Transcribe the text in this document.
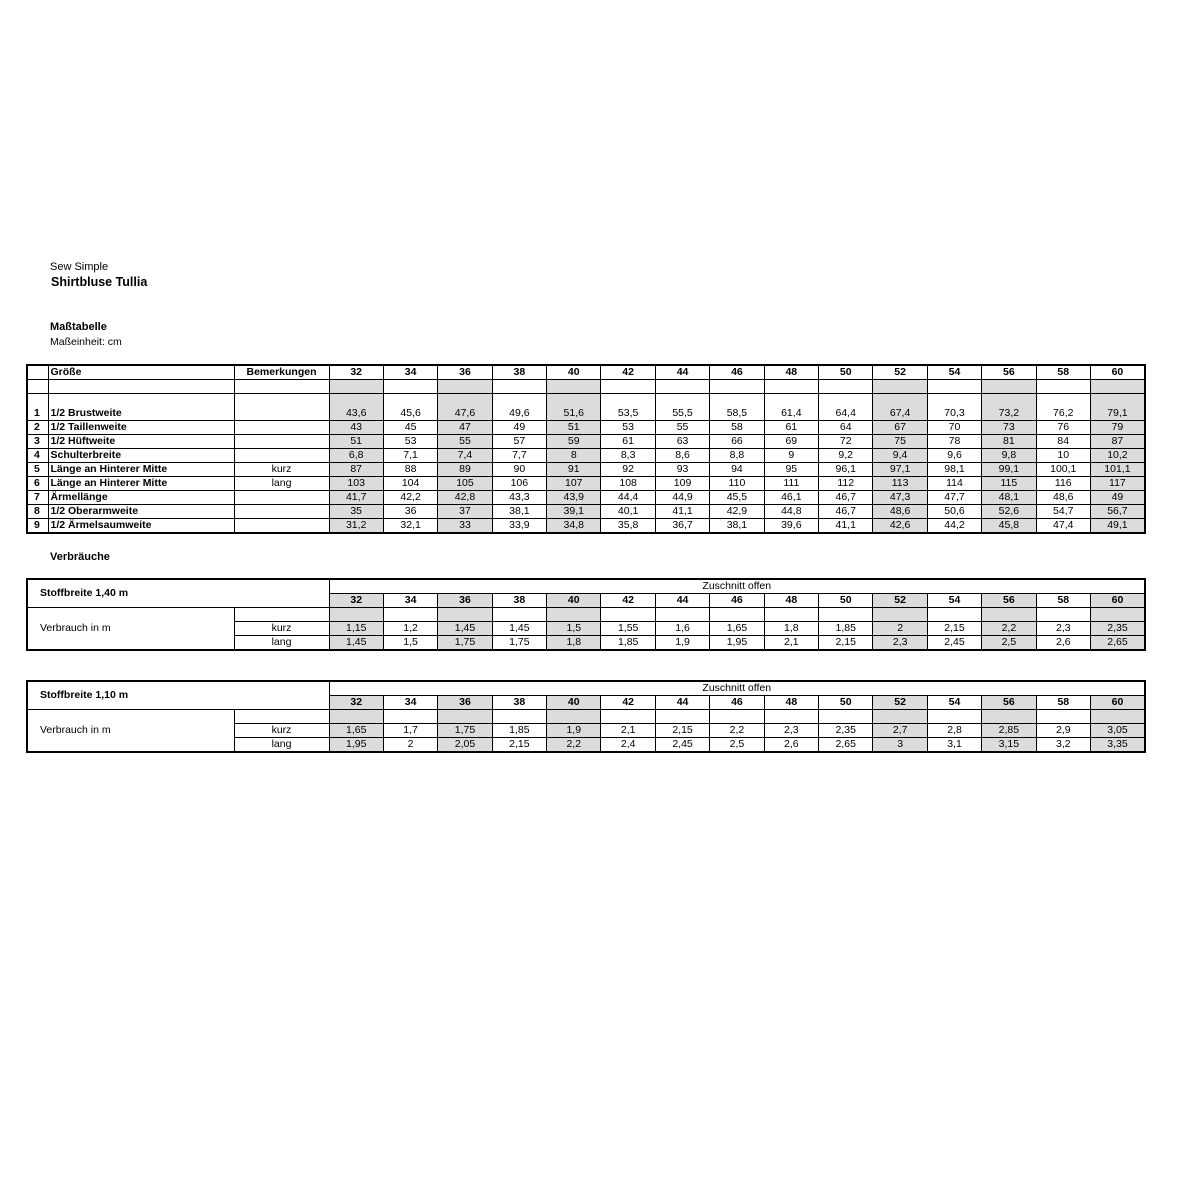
Sew Simple
Shirtbluse Tullia
Maßtabelle
Maßeinheit: cm
Verbräuche
	Größe	Bemerkungen	32	34	36	38	40	42	44	46	48	50	52	54	56	58	60

1	1/2 Brustweite		43,6	45,6	47,6	49,6	51,6	53,5	55,5	58,5	61,4	64,4	67,4	70,3	73,2	76,2	79,1
2	1/2 Taillenweite		43	45	47	49	51	53	55	58	61	64	67	70	73	76	79
3	1/2 Hüftweite		51	53	55	57	59	61	63	66	69	72	75	78	81	84	87
4	Schulterbreite		6,8	7,1	7,4	7,7	8	8,3	8,6	8,8	9	9,2	9,4	9,6	9,8	10	10,2
5	Länge an Hinterer Mitte	kurz	87	88	89	90	91	92	93	94	95	96,1	97,1	98,1	99,1	100,1	101,1
6	Länge an Hinterer Mitte	lang	103	104	105	106	107	108	109	110	111	112	113	114	115	116	117
7	Ärmellänge		41,7	42,2	42,8	43,3	43,9	44,4	44,9	45,5	46,1	46,7	47,3	47,7	48,1	48,6	49
8	1/2 Oberarmweite		35	36	37	38,1	39,1	40,1	41,1	42,9	44,8	46,7	48,6	50,6	52,6	54,7	56,7
9	1/2 Ärmelsaumweite		31,2	32,1	33	33,9	34,8	35,8	36,7	38,1	39,6	41,1	42,6	44,2	45,8	47,4	49,1
Stoffbreite 1,40 m		Zuschnitt offen														
		32	34	36	38	40	42	44	46	48	50	52	54	56	58	60
Verbrauch in m																
	kurz	1,15	1,2	1,45	1,45	1,5	1,55	1,6	1,65	1,8	1,85	2	2,15	2,2	2,3	2,35
	lang	1,45	1,5	1,75	1,75	1,8	1,85	1,9	1,95	2,1	2,15	2,3	2,45	2,5	2,6	2,65
Stoffbreite 1,10 m		Zuschnitt offen														
		32	34	36	38	40	42	44	46	48	50	52	54	56	58	60
Verbrauch in m																
	kurz	1,65	1,7	1,75	1,85	1,9	2,1	2,15	2,2	2,3	2,35	2,7	2,8	2,85	2,9	3,05
	lang	1,95	2	2,05	2,15	2,2	2,4	2,45	2,5	2,6	2,65	3	3,1	3,15	3,2	3,35
